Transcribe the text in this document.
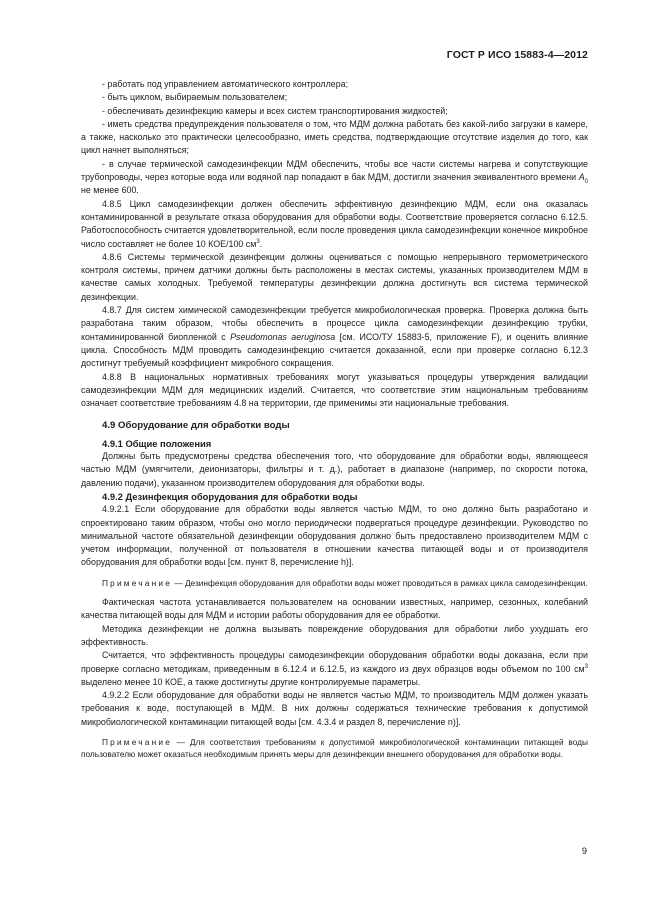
ГОСТ Р ИСО 15883-4—2012

- работать под управлением автоматического контроллера;

- быть циклом, выбираемым пользователем;

- обеспечивать дезинфекцию камеры и всех систем транспортирования жидкостей;

- иметь средства предупреждения пользователя о том, что МДМ должна работать без какой-либо загрузки в камере, а также, насколько это практически целесообразно, иметь средства, подтверждающие отсутствие изделия до того, как цикл начнет выполняться;

- в случае термической самодезинфекции МДМ обеспечить, чтобы все части системы нагрева и сопутствующие трубопроводы, через которые вода или водяной пар попадают в бак МДМ, достигли значения эквивалентного времени $A_0$ не менее 600.

4.8.5 Цикл самодезинфекции должен обеспечить эффективную дезинфекцию МДМ, если она оказалась контаминированной в результате отказа оборудования для обработки воды. Соответствие проверяется согласно 6.12.5. Работоспособность считается удовлетворительной, если после проведения цикла самодезинфекции конечное микробное число составляет не более 10 КОЕ/100 $см^3$.

4.8.6 Системы термической дезинфекции должны оцениваться с помощью непрерывного термометрического контроля системы, причем датчики должны быть расположены в местах системы, указанных производителем МДМ в качестве самых холодных. Требуемой температуры дезинфекции должна достигнуть вся система термической дезинфекции.

4.8.7 Для систем химической самодезинфекции требуется микробиологическая проверка. Проверка должна быть разработана таким образом, чтобы обеспечить в процессе цикла самодезинфекции дезинфекцию трубки, контаминированной биопленкой с Pseudomonas aeruginosa [см. ИСО/ТУ 15883-5, приложение F), и оценить влияние цикла. Способность МДМ проводить самодезинфекцию считается доказанной, если при проверке согласно 6.12.3 достигнут требуемый коэффициент микробного сокращения.

4.8.8 В национальных нормативных требованиях могут указываться процедуры утверждения валидации самодезинфекции МДМ для медицинских изделий. Считается, что соответствие этим национальным требованиям означает соответствие требованиям 4.8 на территории, где применимы эти национальные требования.

4.9 Оборудование для обработки воды

4.9.1 Общие положения

Должны быть предусмотрены средства обеспечения того, что оборудование для обработки воды, являющееся частью МДМ (умягчители, деионизаторы, фильтры и т. д.), работает в диапазоне (например, по скорости потока, давлению подачи), указанном производителем оборудования для обработки воды.

4.9.2 Дезинфекция оборудования для обработки воды

4.9.2.1 Если оборудование для обработки воды является частью МДМ, то оно должно быть разработано и спроектировано таким образом, чтобы оно могло периодически подвергаться процедуре дезинфекции. Руководство по минимальной частоте обязательной дезинфекции оборудования должно быть предоставлено производителем МДМ с учетом информации, полученной от пользователя в отношении качества питающей воды и от производителя оборудования для обработки воды [см. пункт 8, перечисление h)].

Примечание — Дезинфекция оборудования для обработки воды может проводиться в рамках цикла самодезинфекции.

Фактическая частота устанавливается пользователем на основании известных, например, сезонных, колебаний качества питающей воды для МДМ и истории работы оборудования для ее обработки.

Методика дезинфекции не должна вызывать повреждение оборудования для обработки либо ухудшать его эффективность.

Считается, что эффективность процедуры самодезинфекции оборудования обработки воды доказана, если при проверке согласно методикам, приведенным в 6.12.4 и 6.12.5, из каждого из двух образцов воды объемом по 100 $см^3$ выделено менее 10 КОЕ, а также достигнуты другие контролируемые параметры.

4.9.2.2 Если оборудование для обработки воды не является частью МДМ, то производитель МДМ должен указать требования к воде, поступающей в МДМ. В них должны содержаться технические требования к допустимой микробиологической контаминации питающей воды [см. 4.3.4 и раздел 8, перечисление n)].

Примечание — Для соответствия требованиям к допустимой микробиологической контаминации питающей воды пользователю может оказаться необходимым принять меры для дезинфекции внешнего оборудования для обработки воды.

9
